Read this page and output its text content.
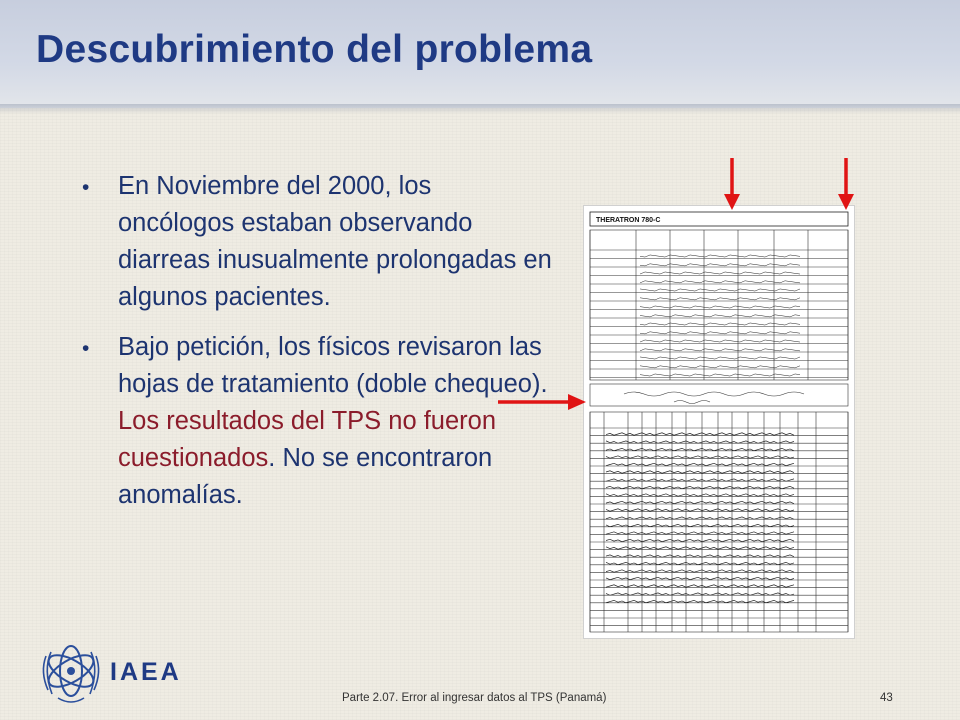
Descubrimiento del problema
• En Noviembre del 2000, los oncólogos estaban observando diarreas inusualmente prolongadas en algunos pacientes.
• Bajo petición, los físicos revisaron las hojas de tratamiento (doble chequeo). Los resultados del TPS no fueron cuestionados. No se encontraron anomalías.
THERATRON 780-C
IAEA
Parte 2.07. Error al ingresar datos al TPS (Panamá)	43
